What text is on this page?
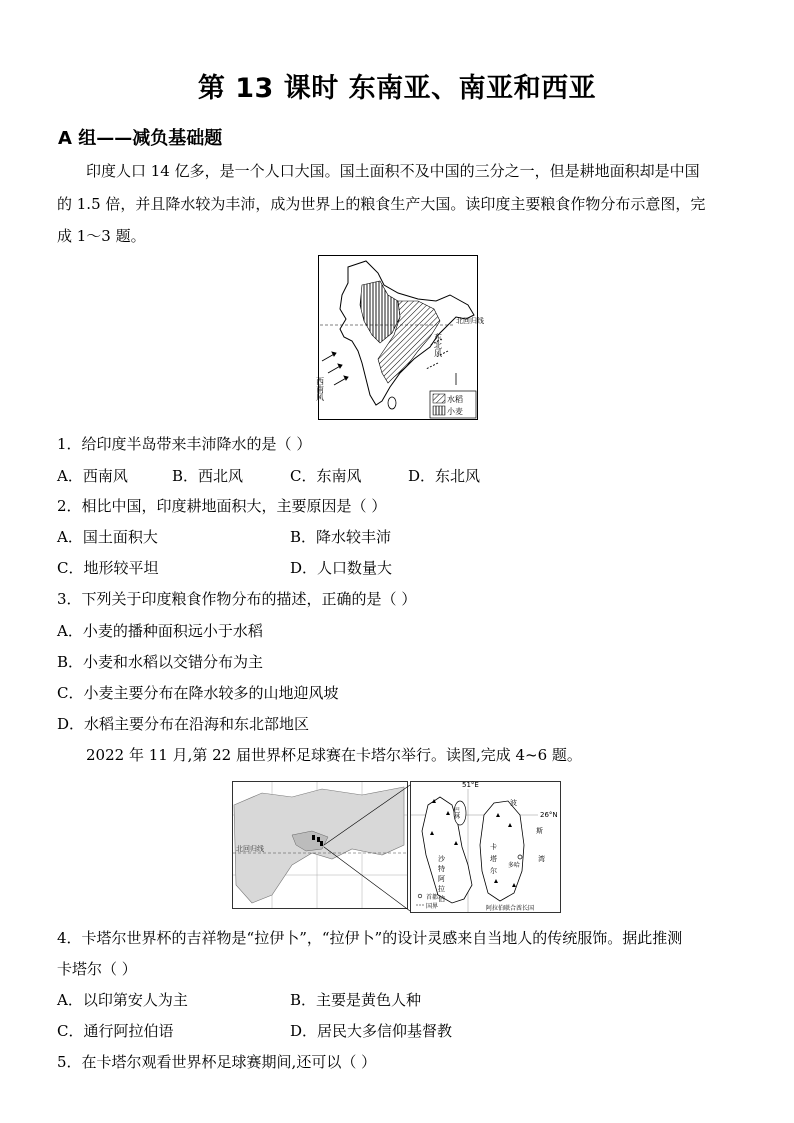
第 13 课时 东南亚、南亚和西亚
A 组——减负基础题
印度人口 14 亿多，是一个人口大国。国土面积不及中国的三分之一，但是耕地面积却是中国
的 1.5 倍，并且降水较为丰沛，成为世界上的粮食生产大国。读印度主要粮食作物分布示意图，完
成 1～3 题。
北回归线
西南风
东北风
水稻
小麦
1．给印度半岛带来丰沛降水的是（ ）
A．西南风	B．西北风	C．东南风	D．东北风
2．相比中国，印度耕地面积大，主要原因是（ ）
A．国土面积大	B．降水较丰沛
C．地形较平坦	D．人口数量大
3．下列关于印度粮食作物分布的描述，正确的是（ ）
A．小麦的播种面积远小于水稻
B．小麦和水稻以交错分布为主
C．小麦主要分布在降水较多的山地迎风坡
D．水稻主要分布在沿海和东北部地区
2022 年 11 月,第 22 届世界杯足球赛在卡塔尔举行。读图,完成 4~6 题。
北回归线
51°E
26°N
巴林
沙
特
阿
拉
伯
卡
塔
尔
波
斯
湾
多哈
首都
国界	阿拉伯联合酋长国
4．卡塔尔世界杯的吉祥物是“拉伊卜”，“拉伊卜”的设计灵感来自当地人的传统服饰。据此推测
卡塔尔（ ）
A．以印第安人为主	B．主要是黄色人种
C．通行阿拉伯语	D．居民大多信仰基督教
5．在卡塔尔观看世界杯足球赛期间,还可以（ ）
